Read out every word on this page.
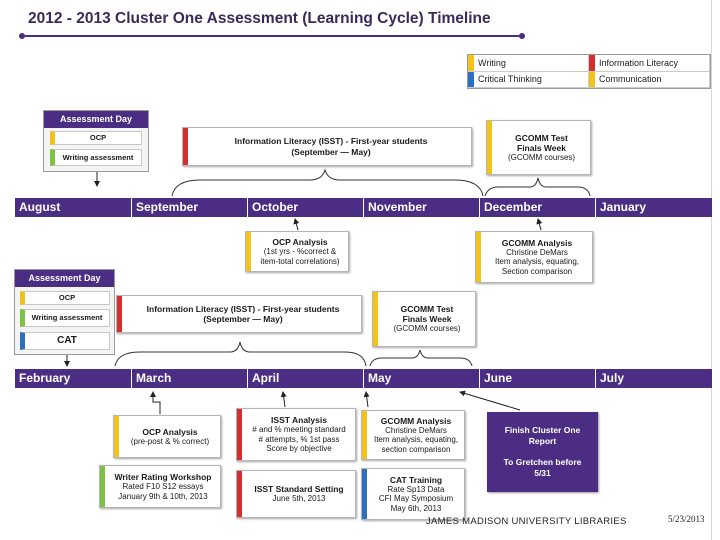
2012 - 2013 Cluster One Assessment (Learning Cycle) Timeline
Writing	Information Literacy
Critical Thinking	Communication
Assessment Day
OCP
Writing assessment
Information Literacy (ISST) - First-year students
(September — May)
GCOMM Test
Finals Week
(GCOMM courses)
August	September	October	November	December	January
OCP Analysis
(1st yrs - %correct &
item-total correlations)
GCOMM Analysis
Christine DeMars
Item analysis, equating,
Section comparison
Assessment Day
OCP
Writing assessment
CAT
Information Literacy (ISST) - First-year students
(September — May)
GCOMM Test
Finals Week
(GCOMM courses)
February	March	April	May	June	July
OCP Analysis
(pre-post & % correct)
Writer Rating Workshop
Rated F10 S12 essays
January 9th & 10th, 2013
ISST Analysis
# and % meeting standard
# attempts, % 1st pass
Score by objective
ISST Standard Setting
June 5th, 2013
GCOMM Analysis
Christine DeMars
Item analysis, equating,
section comparison
CAT Training
Rate Sp13 Data
CFI May Symposium
May 6th, 2013
Finish Cluster One
Report
To Gretchen before
5/31
JAMES MADISON UNIVERSITY LIBRARIES	5/23/2013
